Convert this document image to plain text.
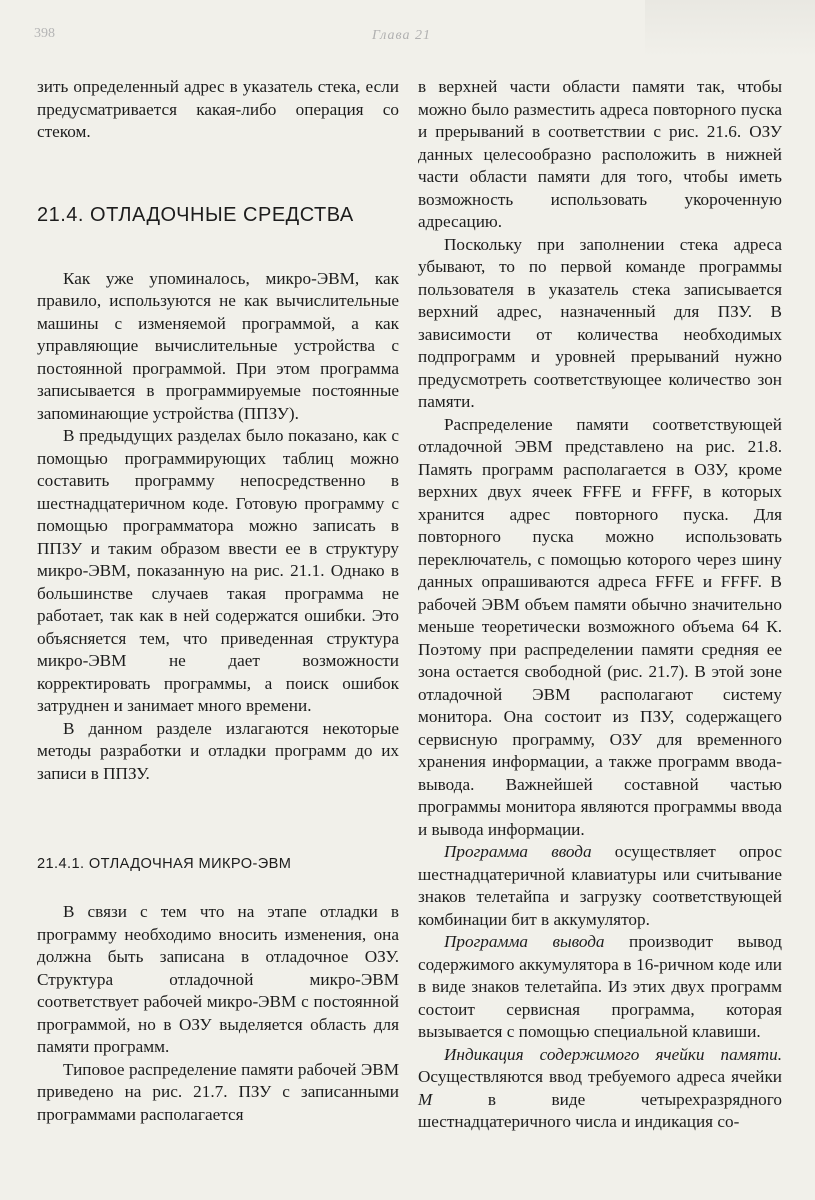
398	Глава 21

зить определенный адрес в указатель стека, если предусматривается какая-либо операция со стеком.

21.4. ОТЛАДОЧНЫЕ СРЕДСТВА

Как уже упоминалось, микро-ЭВМ, как правило, используются не как вычислительные машины с изменяемой программой, а как управляющие вычислительные устройства с постоянной программой. При этом программа записывается в программируемые постоянные запоминающие устройства (ППЗУ).

В предыдущих разделах было показано, как с помощью программирующих таблиц можно составить программу непосредственно в шестнадцатеричном коде. Готовую программу с помощью программатора можно записать в ППЗУ и таким образом ввести ее в структуру микро-ЭВМ, показанную на рис. 21.1. Однако в большинстве случаев такая программа не работает, так как в ней содержатся ошибки. Это объясняется тем, что приведенная структура микро-ЭВМ не дает возможности корректировать программы, а поиск ошибок затруднен и занимает много времени.

В данном разделе излагаются некоторые методы разработки и отладки программ до их записи в ППЗУ.

21.4.1. ОТЛАДОЧНАЯ МИКРО-ЭВМ

В связи с тем что на этапе отладки в программу необходимо вносить изменения, она должна быть записана в отладочное ОЗУ. Структура отладочной микро-ЭВМ соответствует рабочей микро-ЭВМ с постоянной программой, но в ОЗУ выделяется область для памяти программ.

Типовое распределение памяти рабочей ЭВМ приведено на рис. 21.7. ПЗУ с записанными программами располагается

в верхней части области памяти так, чтобы можно было разместить адреса повторного пуска и прерываний в соответствии с рис. 21.6. ОЗУ данных целесообразно расположить в нижней части области памяти для того, чтобы иметь возможность использовать укороченную адресацию.

Поскольку при заполнении стека адреса убывают, то по первой команде программы пользователя в указатель стека записывается верхний адрес, назначенный для ПЗУ. В зависимости от количества необходимых подпрограмм и уровней прерываний нужно предусмотреть соответствующее количество зон памяти.

Распределение памяти соответствующей отладочной ЭВМ представлено на рис. 21.8. Память программ располагается в ОЗУ, кроме верхних двух ячеек FFFE и FFFF, в которых хранится адрес повторного пуска. Для повторного пуска можно использовать переключатель, с помощью которого через шину данных опрашиваются адреса FFFE и FFFF. В рабочей ЭВМ объем памяти обычно значительно меньше теоретически возможного объема 64 К. Поэтому при распределении памяти средняя ее зона остается свободной (рис. 21.7). В этой зоне отладочной ЭВМ располагают систему монитора. Она состоит из ПЗУ, содержащего сервисную программу, ОЗУ для временного хранения информации, а также программ ввода-вывода. Важнейшей составной частью программы монитора являются программы ввода и вывода информации.

Программа ввода осуществляет опрос шестнадцатеричной клавиатуры или считывание знаков телетайпа и загрузку соответствующей комбинации бит в аккумулятор.

Программа вывода производит вывод содержимого аккумулятора в 16-ричном коде или в виде знаков телетайпа. Из этих двух программ состоит сервисная программа, которая вызывается с помощью специальной клавиши.

Индикация содержимого ячейки памяти. Осуществляются ввод требуемого адреса ячейки M в виде четырехразрядного шестнадцатеричного числа и индикация со-
